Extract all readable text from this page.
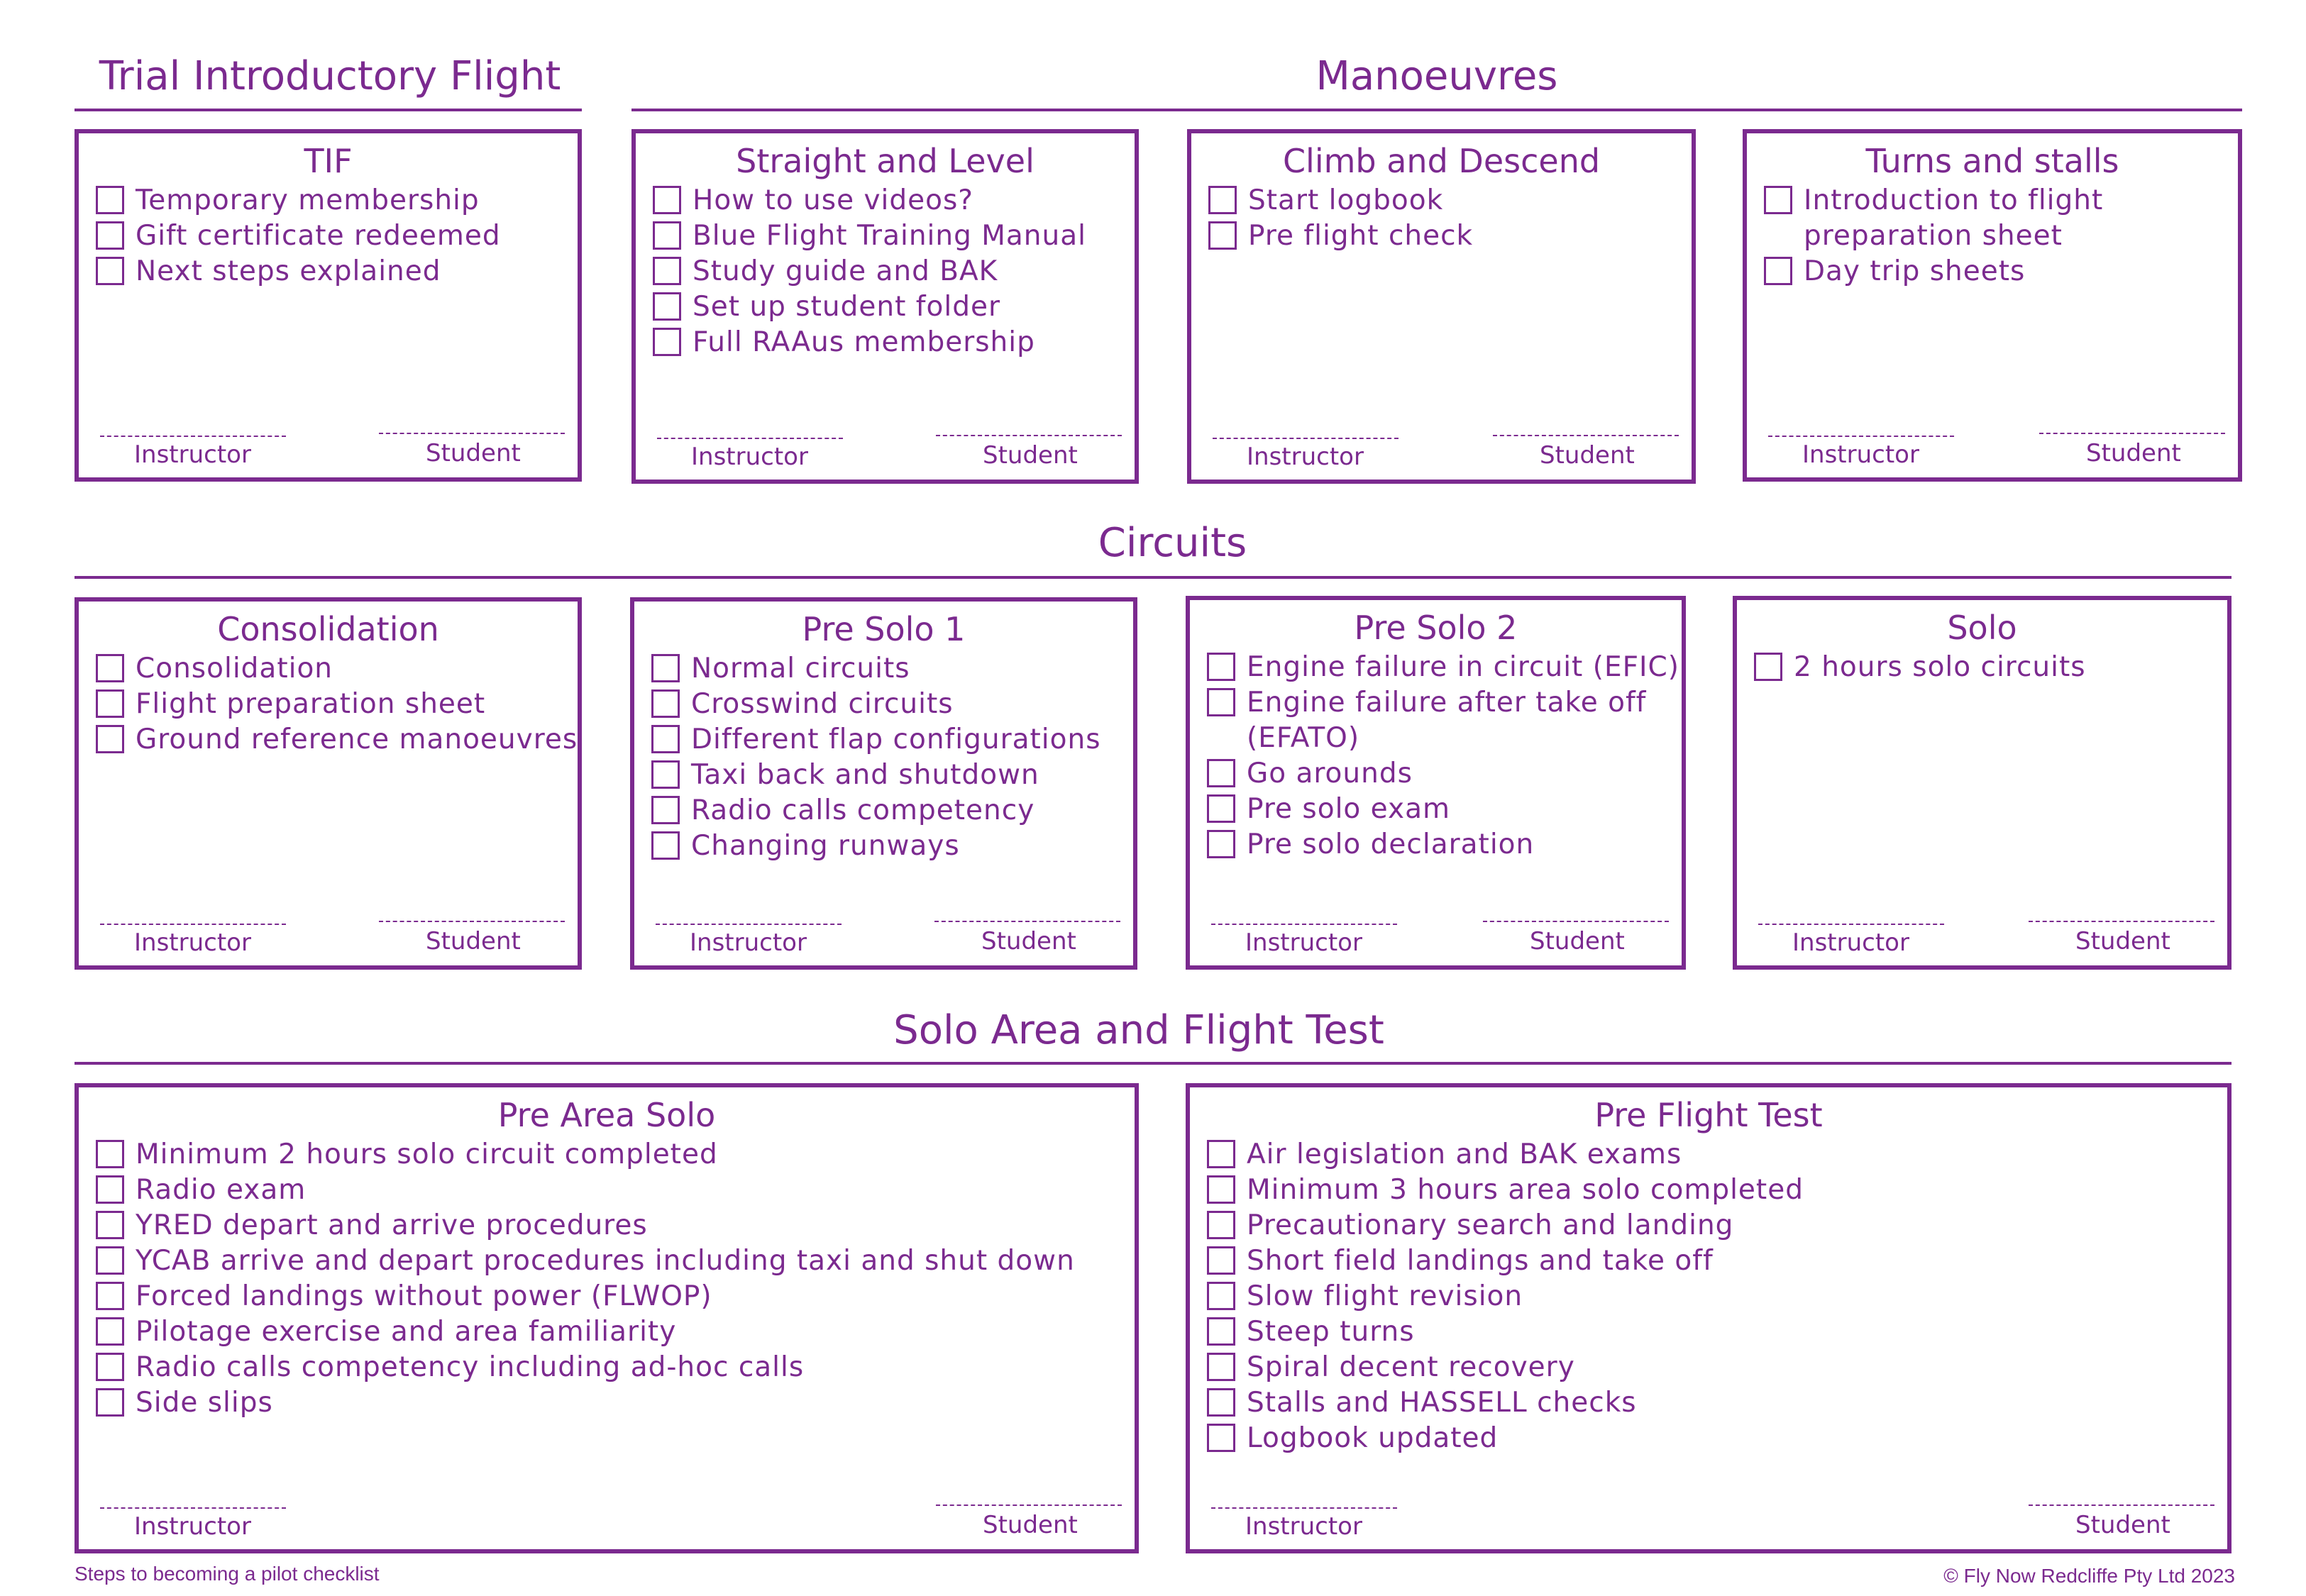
Trial Introductory Flight	Manoeuvres
Circuits
Solo Area and Flight Test
TIF
Temporary membership
Gift certificate redeemed
Next steps explained
Instructor	Student
Straight and Level
How to use videos?
Blue Flight Training Manual
Study guide and BAK
Set up student folder
Full RAAus membership
Instructor	Student
Climb and Descend
Start logbook
Pre flight check
Instructor	Student
Turns and stalls
Introduction to flight
preparation sheet
Day trip sheets
Instructor	Student
Consolidation
Consolidation
Flight preparation sheet
Ground reference manoeuvres
Instructor	Student
Pre Solo 1
Normal circuits
Crosswind circuits
Different flap configurations
Taxi back and shutdown
Radio calls competency
Changing runways
Instructor	Student
Pre Solo 2
Engine failure in circuit (EFIC)
Engine failure after take off
(EFATO)
Go arounds
Pre solo exam
Pre solo declaration
Instructor	Student
Solo
2 hours solo circuits
Instructor	Student
Pre Area Solo
Minimum 2 hours solo circuit completed
Radio exam
YRED depart and arrive procedures
YCAB arrive and depart procedures including taxi and shut down
Forced landings without power (FLWOP)
Pilotage exercise and area familiarity
Radio calls competency including ad-hoc calls
Side slips
Instructor	Student
Pre Flight Test
Air legislation and BAK exams
Minimum 3 hours area solo completed
Precautionary search and landing
Short field landings and take off
Slow flight revision
Steep turns
Spiral decent recovery
Stalls and HASSELL checks
Logbook updated
Instructor	Student
Steps to becoming a pilot checklist	© Fly Now Redcliffe Pty Ltd 2023
